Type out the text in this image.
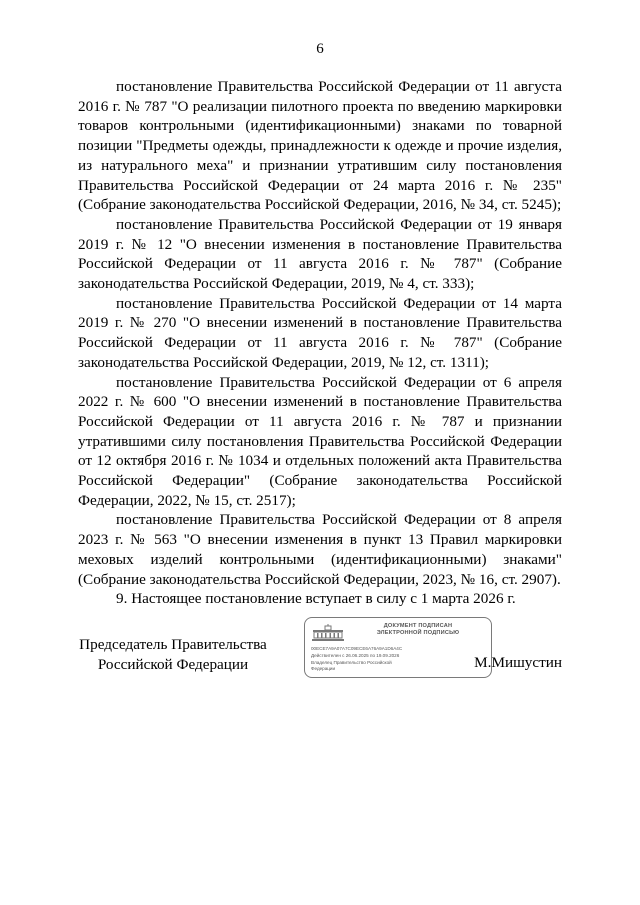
6

постановление Правительства Российской Федерации от 11 августа 2016 г. № 787 "О реализации пилотного проекта по введению маркировки товаров контрольными (идентификационными) знаками по товарной позиции "Предметы одежды, принадлежности к одежде и прочие изделия, из натурального меха" и признании утратившим силу постановления Правительства Российской Федерации от 24 марта 2016 г. № 235" (Собрание законодательства Российской Федерации, 2016, № 34, ст. 5245);

постановление Правительства Российской Федерации от 19 января 2019 г. № 12 "О внесении изменения в постановление Правительства Российской Федерации от 11 августа 2016 г. № 787" (Собрание законодательства Российской Федерации, 2019, № 4, ст. 333);

постановление Правительства Российской Федерации от 14 марта 2019 г. № 270 "О внесении изменений в постановление Правительства Российской Федерации от 11 августа 2016 г. № 787" (Собрание законодательства Российской Федерации, 2019, № 12, ст. 1311);

постановление Правительства Российской Федерации от 6 апреля 2022 г. № 600 "О внесении изменений в постановление Правительства Российской Федерации от 11 августа 2016 г. № 787 и признании утратившими силу постановления Правительства Российской Федерации от 12 октября 2016 г. № 1034 и отдельных положений акта Правительства Российской Федерации" (Собрание законодательства Российской Федерации, 2022, № 15, ст. 2517);

постановление Правительства Российской Федерации от 8 апреля 2023 г. № 563 "О внесении изменения в пункт 13 Правил маркировки меховых изделий контрольными (идентификационными) знаками" (Собрание законодательства Российской Федерации, 2023, № 16, ст. 2907).

9. Настоящее постановление вступает в силу с 1 марта 2026 г.

Председатель Правительства
Российской Федерации
ДОКУМЕНТ ПОДПИСАН
ЭЛЕКТРОННОЙ ПОДПИСЬЮ
00ECE7A9A07A7C09ECE6A76A9A1D6A4C
Действителен с 26.06.2025 по 19.09.2026
Владелец Правительство Российской
Федерации	М.Мишустин
